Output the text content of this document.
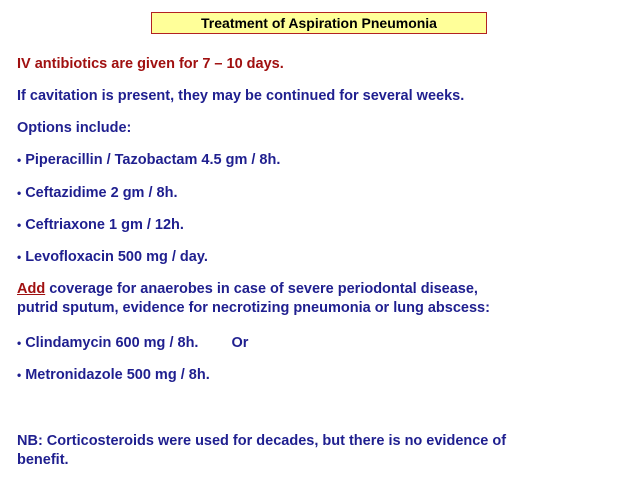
Treatment of Aspiration Pneumonia
IV antibiotics are given for 7 – 10 days.
If cavitation is present, they may be continued for several weeks.
Options include:
• Piperacillin / Tazobactam 4.5 gm / 8h.
• Ceftazidime 2 gm / 8h.
• Ceftriaxone 1 gm / 12h.
• Levofloxacin 500 mg / day.
Add coverage for anaerobes in case of severe periodontal disease,
putrid sputum, evidence for necrotizing pneumonia or lung abscess:
• Clindamycin 600 mg / 8h. Or
• Metronidazole 500 mg / 8h.
NB: Corticosteroids were used for decades, but there is no evidence of
benefit.
